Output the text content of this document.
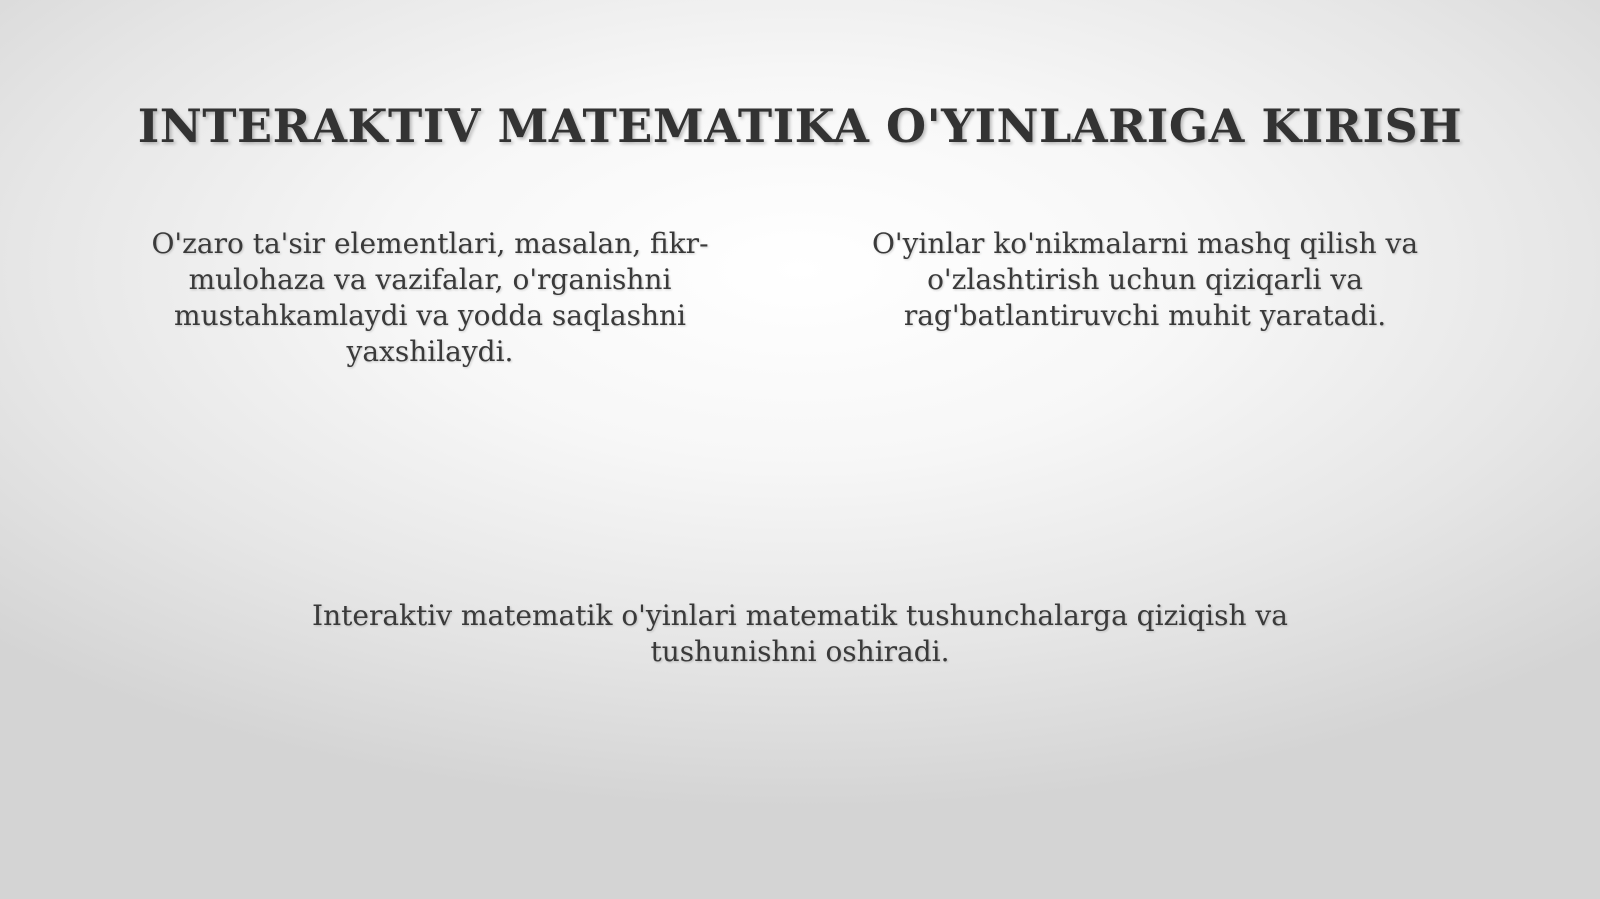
INTERAKTIV MATEMATIKA O'YINLARIGA KIRISH
O'zaro ta'sir elementlari, masalan, fikr-mulohaza va vazifalar, o'rganishni mustahkamlaydi va yodda saqlashni yaxshilaydi.
O'yinlar ko'nikmalarni mashq qilish va o'zlashtirish uchun qiziqarli va rag'batlantiruvchi muhit yaratadi.
Interaktiv matematik o'yinlari matematik tushunchalarga qiziqish va tushunishni oshiradi.
